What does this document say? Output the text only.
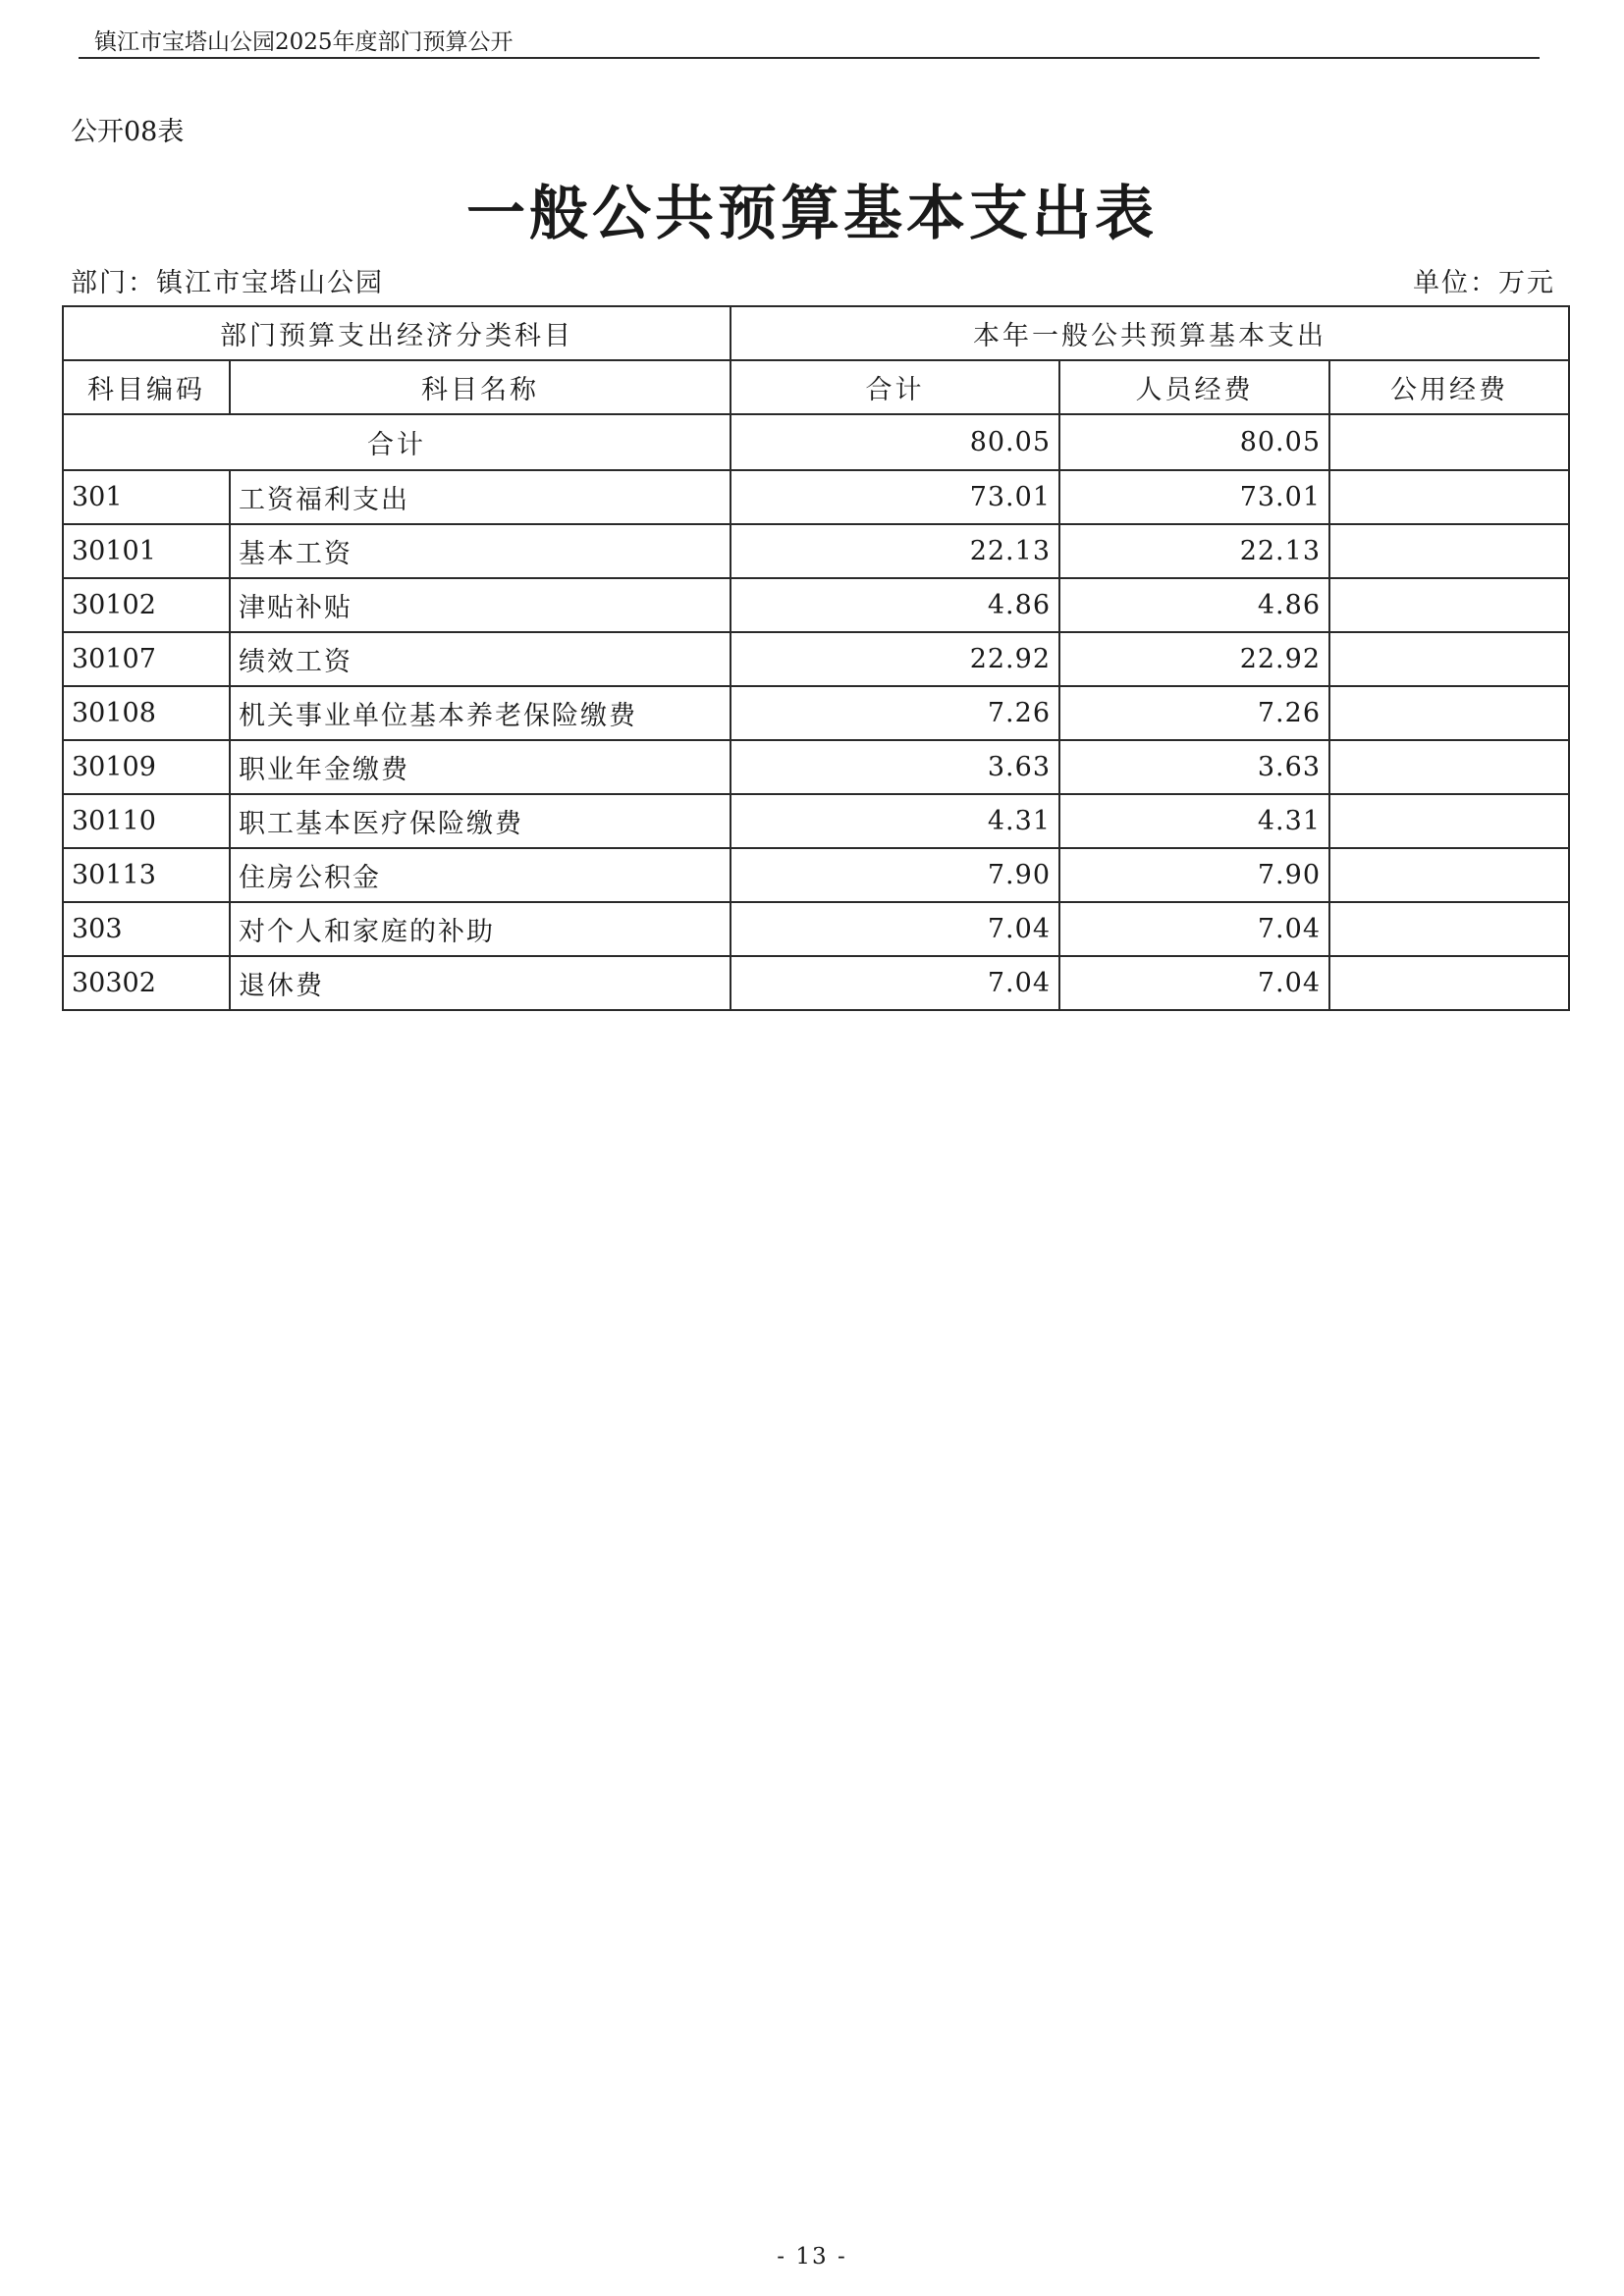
镇江市宝塔山公园2025年度部门预算公开
公开08表
一般公共预算基本支出表
部门：镇江市宝塔山公园	单位：万元
部门预算支出经济分类科目		本年一般公共预算基本支出		
科目编码	科目名称	合计	人员经费	公用经费
合计		80.05	80.05	
301	工资福利支出	73.01	73.01	
30101	基本工资	22.13	22.13	
30102	津贴补贴	4.86	4.86	
30107	绩效工资	22.92	22.92	
30108	机关事业单位基本养老保险缴费	7.26	7.26	
30109	职业年金缴费	3.63	3.63	
30110	职工基本医疗保险缴费	4.31	4.31	
30113	住房公积金	7.90	7.90	
303	对个人和家庭的补助	7.04	7.04	
30302	退休费	7.04	7.04	
- 13 -
